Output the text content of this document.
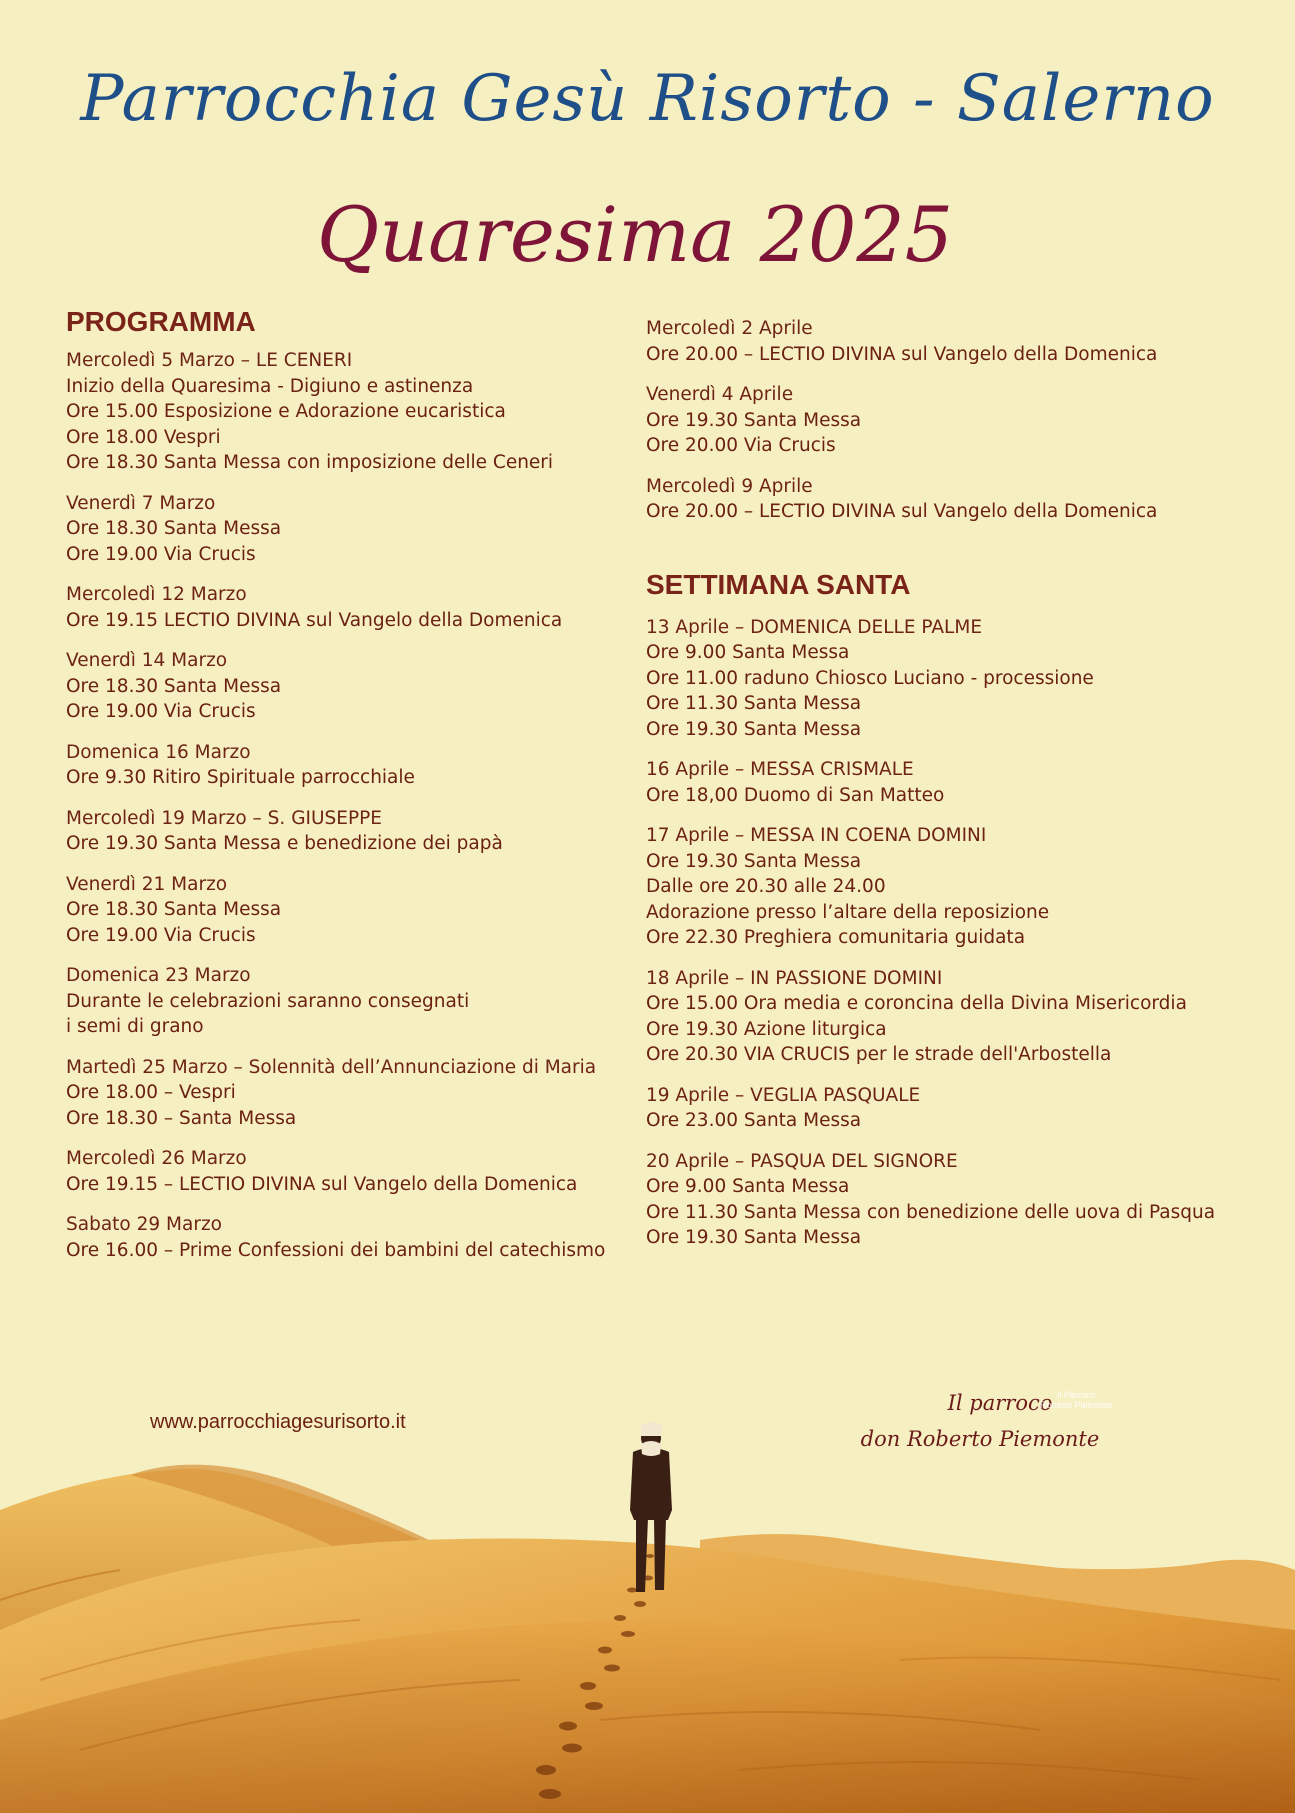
Parrocchia Gesù Risorto - Salerno
Quaresima 2025
PROGRAMMA
Mercoledì 5 Marzo – LE CENERI
Inizio della Quaresima - Digiuno e astinenza
Ore 15.00 Esposizione e Adorazione eucaristica
Ore 18.00 Vespri
Ore 18.30 Santa Messa con imposizione delle Ceneri
Venerdì 7 Marzo
Ore 18.30 Santa Messa
Ore 19.00 Via Crucis
Mercoledì 12 Marzo
Ore 19.15 LECTIO DIVINA sul Vangelo della Domenica
Venerdì 14 Marzo
Ore 18.30 Santa Messa
Ore 19.00 Via Crucis
Domenica 16 Marzo
Ore 9.30 Ritiro Spirituale parrocchiale
Mercoledì 19 Marzo – S. GIUSEPPE
Ore 19.30 Santa Messa e benedizione dei papà
Venerdì 21 Marzo
Ore 18.30 Santa Messa
Ore 19.00 Via Crucis
Domenica 23 Marzo
Durante le celebrazioni saranno consegnati
i semi di grano
Martedì 25 Marzo – Solennità dell’Annunciazione di Maria
Ore 18.00 – Vespri
Ore 18.30 – Santa Messa
Mercoledì 26 Marzo
Ore 19.15 – LECTIO DIVINA sul Vangelo della Domenica
Sabato 29 Marzo
Ore 16.00 – Prime Confessioni dei bambini del catechismo
Mercoledì 2 Aprile
Ore 20.00 – LECTIO DIVINA sul Vangelo della Domenica
Venerdì 4 Aprile
Ore 19.30 Santa Messa
Ore 20.00 Via Crucis
Mercoledì 9 Aprile
Ore 20.00 – LECTIO DIVINA sul Vangelo della Domenica
SETTIMANA SANTA
13 Aprile – DOMENICA DELLE PALME
Ore 9.00 Santa Messa
Ore 11.00 raduno Chiosco Luciano - processione
Ore 11.30 Santa Messa
Ore 19.30 Santa Messa
16 Aprile – MESSA CRISMALE
Ore 18,00 Duomo di San Matteo
17 Aprile – MESSA IN COENA DOMINI
Ore 19.30 Santa Messa
Dalle ore 20.30 alle 24.00
Adorazione presso l’altare della reposizione
Ore 22.30 Preghiera comunitaria guidata
18 Aprile – IN PASSIONE DOMINI
Ore 15.00 Ora media e coroncina della Divina Misericordia
Ore 19.30 Azione liturgica
Ore 20.30 VIA CRUCIS per le strade dell'Arbostella
19 Aprile – VEGLIA PASQUALE
Ore 23.00 Santa Messa
20 Aprile – PASQUA DEL SIGNORE
Ore 9.00 Santa Messa
Ore 11.30 Santa Messa con benedizione delle uova di Pasqua
Ore 19.30 Santa Messa
www.parrocchiagesurisorto.it
Il parroco
don Roberto Piemonte
Il Parroco
Roberto Piemonte
